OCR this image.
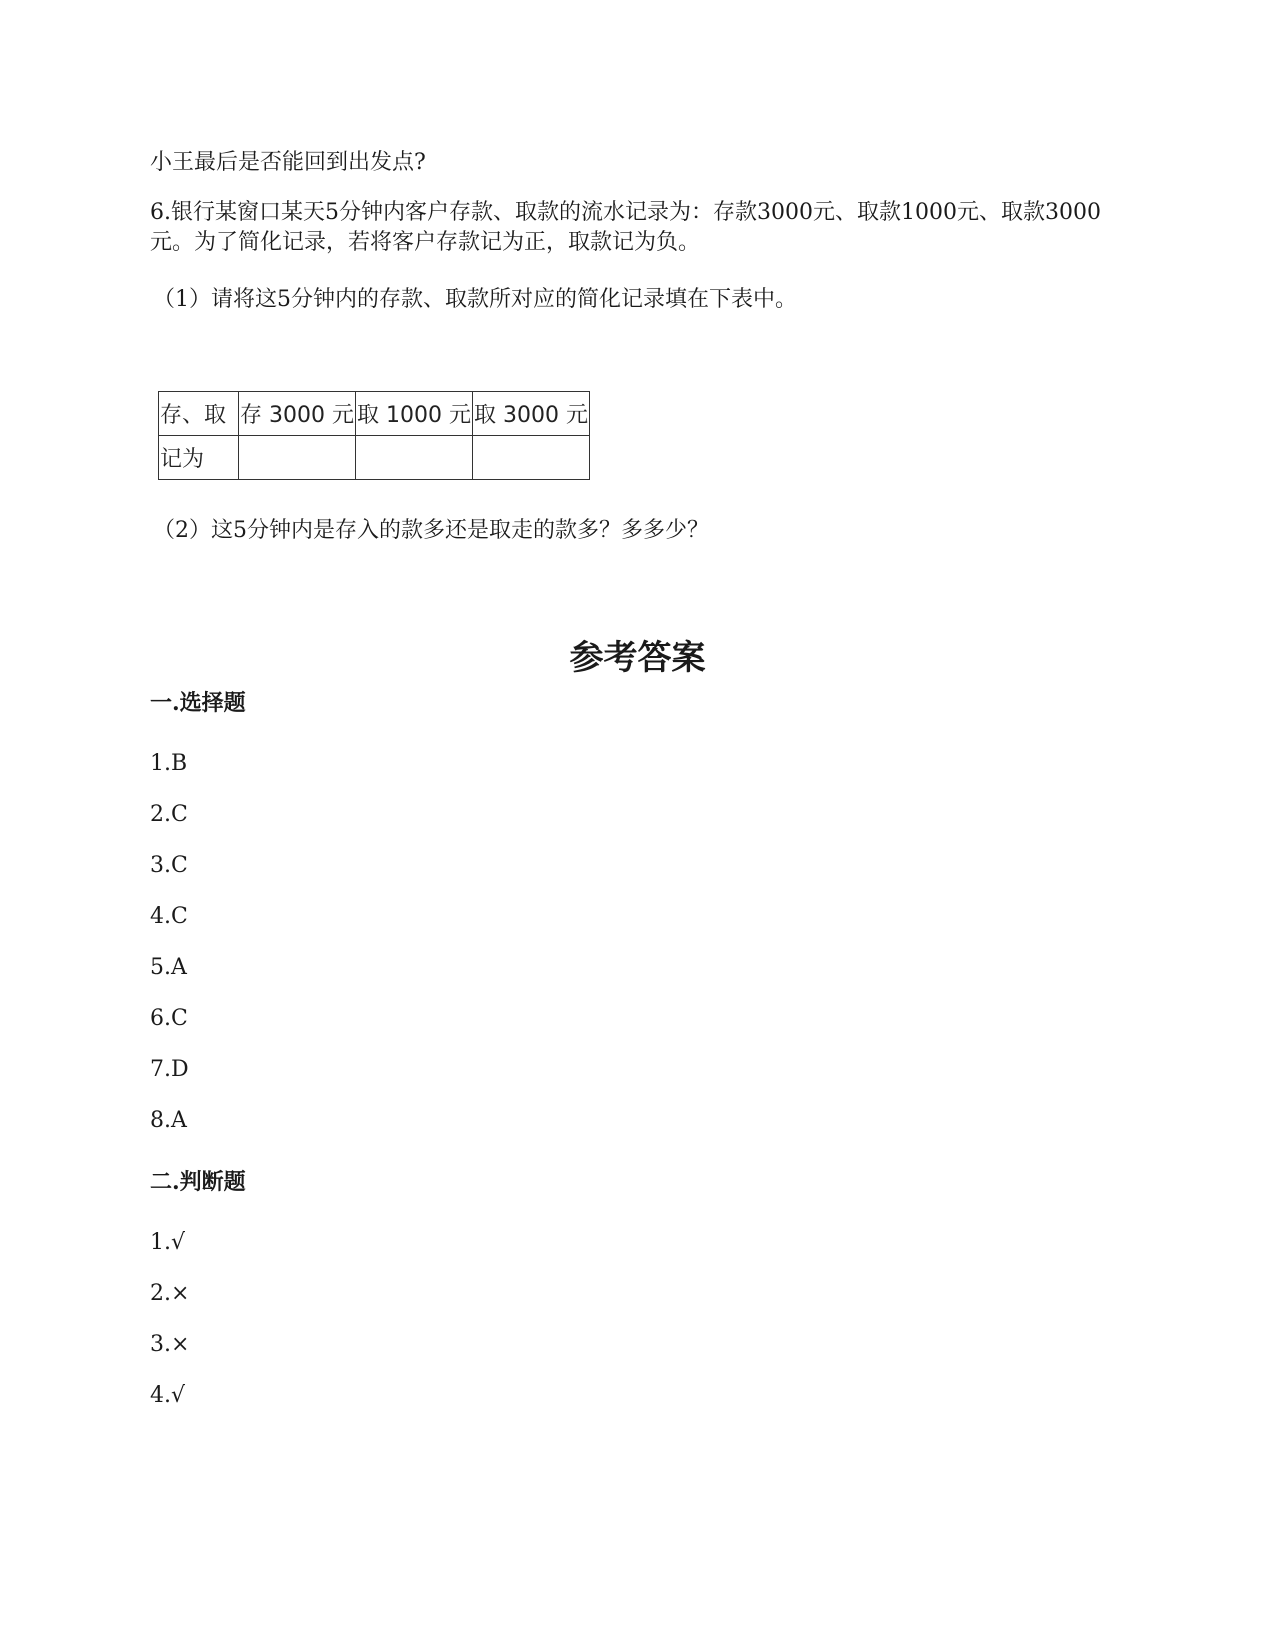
小王最后是否能回到出发点?
6.银行某窗口某天5分钟内客户存款、取款的流水记录为：存款3000元、取款1000元、取款3000元。为了简化记录，若将客户存款记为正，取款记为负。
（1）请将这5分钟内的存款、取款所对应的简化记录填在下表中。
存、取	存 3000 元	取 1000 元	取 3000 元
记为			
（2）这5分钟内是存入的款多还是取走的款多？多多少？
参考答案
一.选择题
1.B
2.C
3.C
4.C
5.A
6.C
7.D
8.A
二.判断题
1.√
2.×
3.×
4.√
